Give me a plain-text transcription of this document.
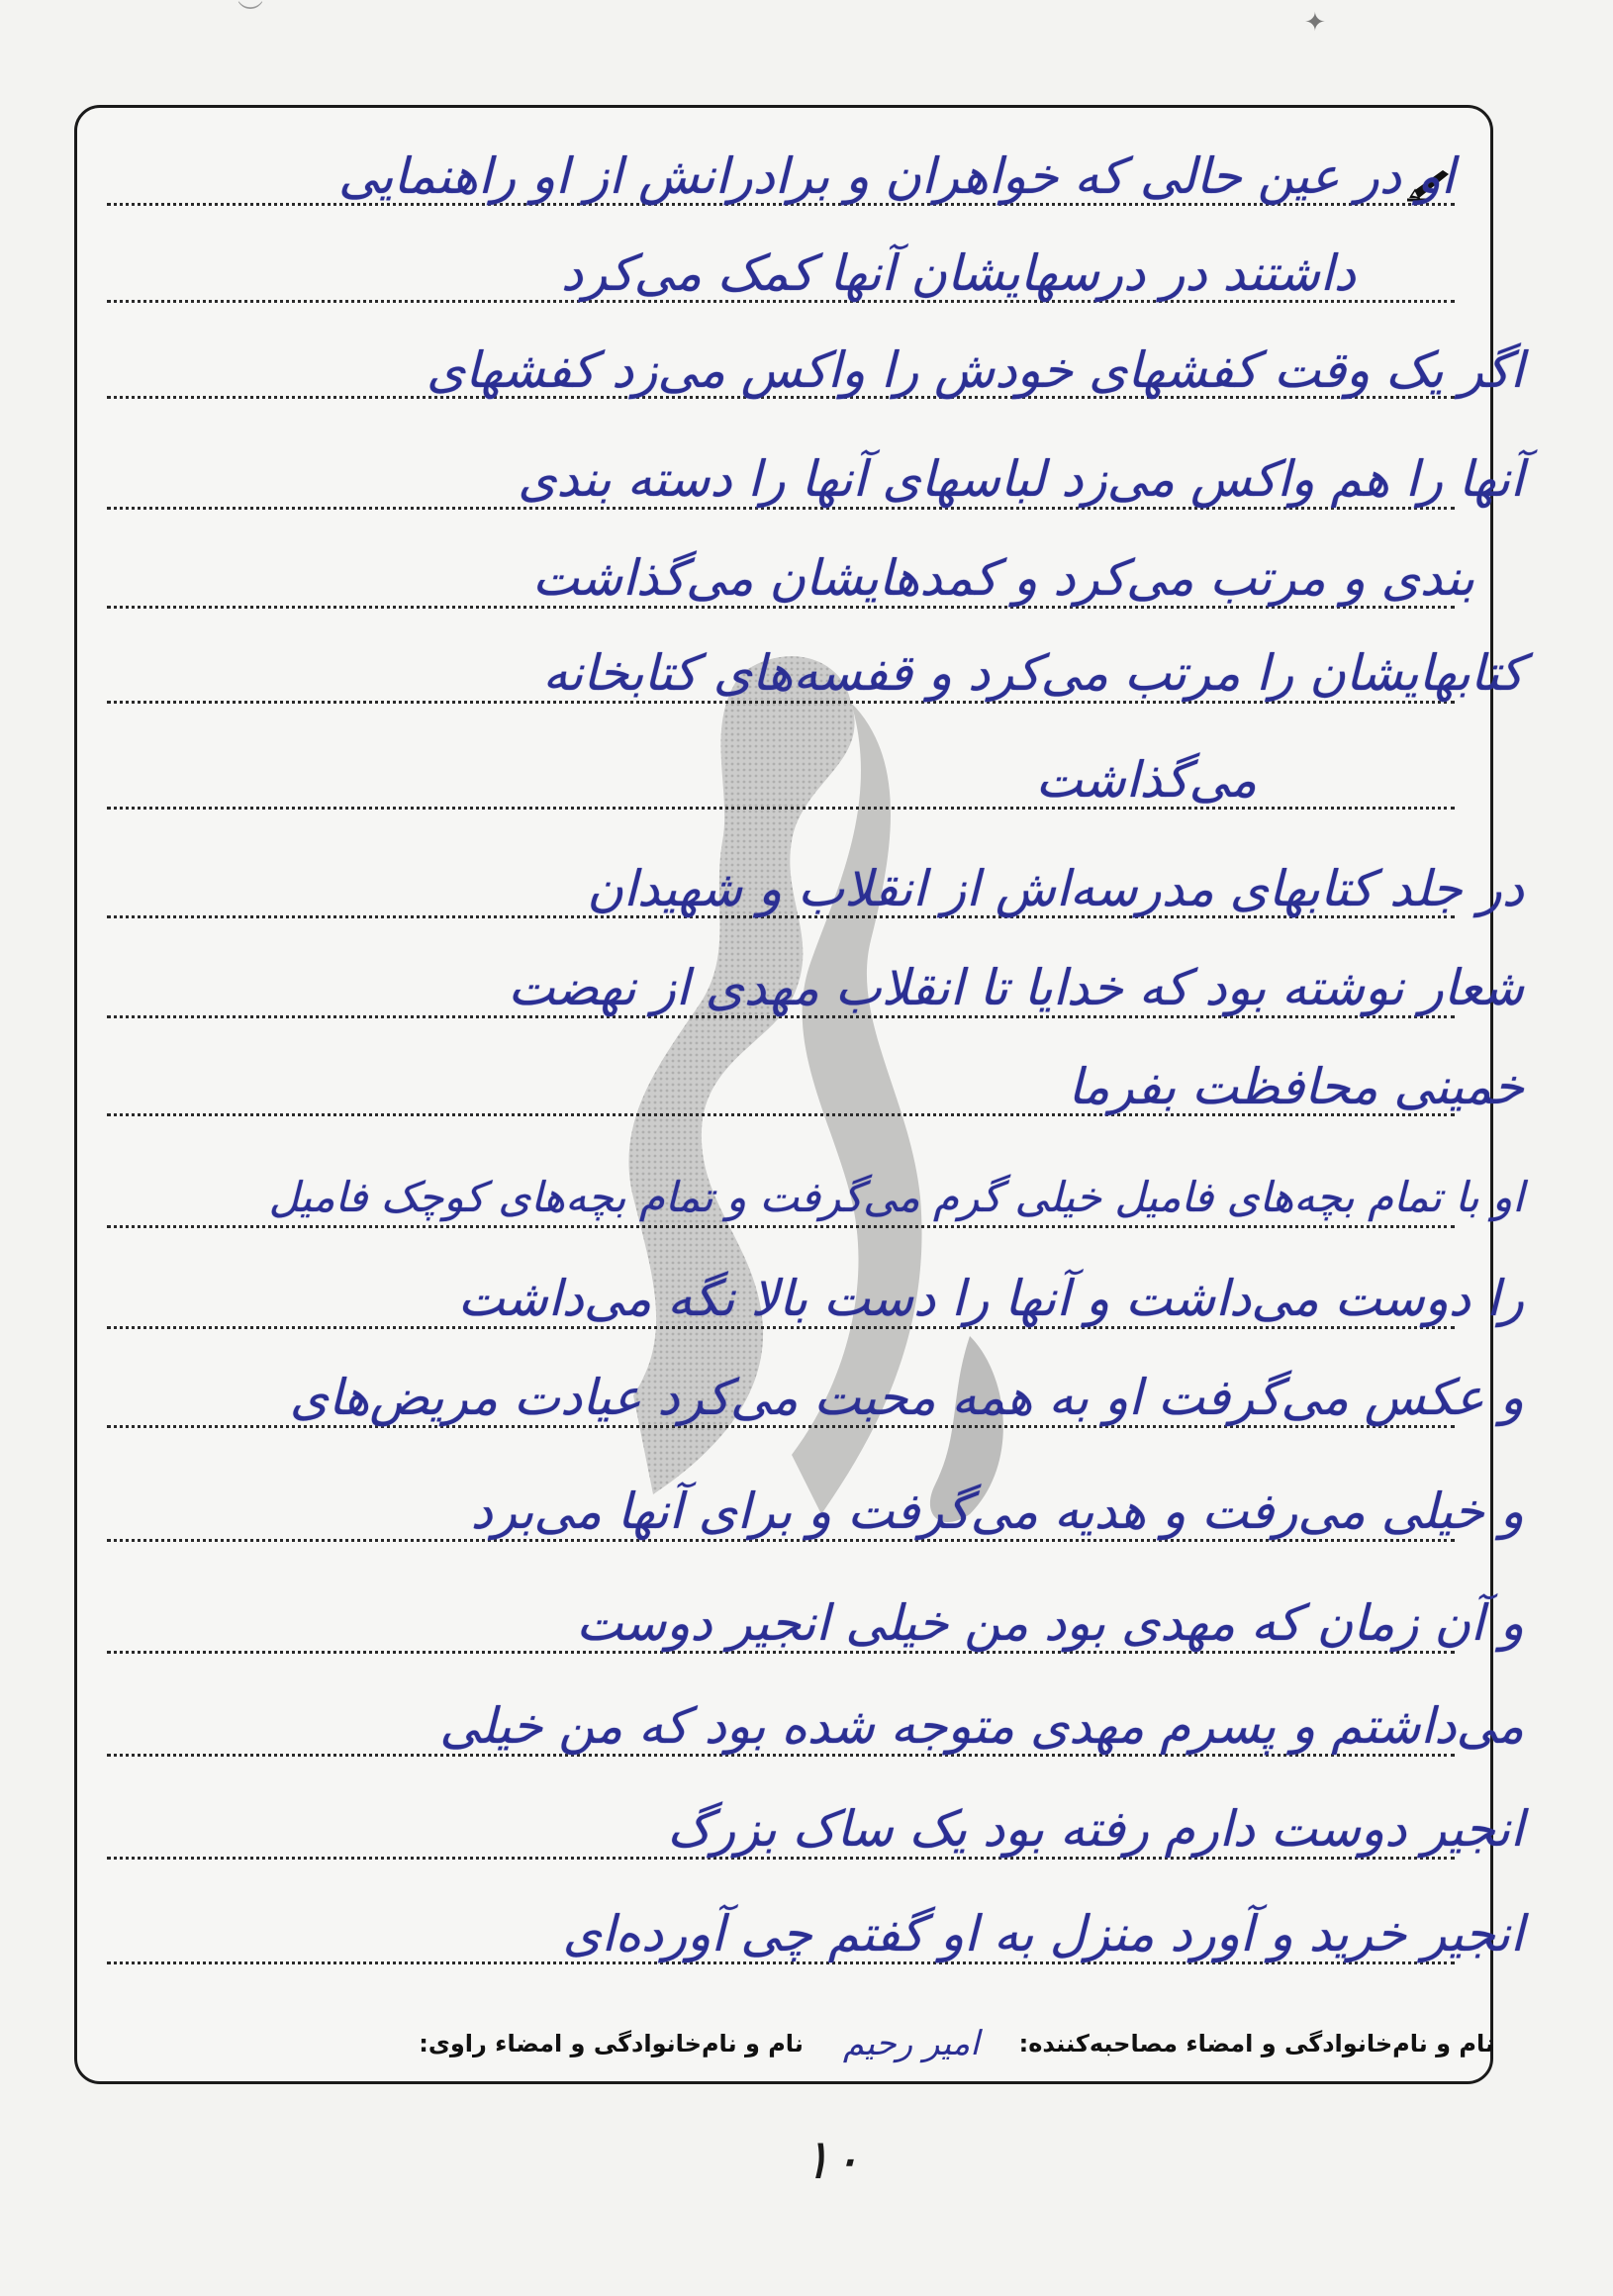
✦
︶
او در عین حالی که خواهران و برادرانش از او راهنمایی
داشتند در درسهایشان آنها کمک می‌کرد
اگر یک وقت کفشهای خودش را واکس می‌زد کفشهای
آنها را هم واکس می‌زد لباسهای آنها را دسته بندی
بندی و مرتب می‌کرد و کمدهایشان می‌گذاشت
کتابهایشان را مرتب می‌کرد و قفسه‌های کتابخانه
می‌گذاشت
در جلد کتابهای مدرسه‌اش از انقلاب و شهیدان
شعار نوشته بود که خدایا تا انقلاب مهدی از نهضت
خمینی محافظت بفرما
او با تمام بچه‌های فامیل خیلی گرم می‌گرفت و تمام بچه‌های کوچک فامیل
را دوست می‌داشت و آنها را دست بالا نگه می‌داشت
و عکس می‌گرفت او به همه محبت می‌کرد عیادت مریض‌های
و خیلی می‌رفت و هدیه می‌گرفت و برای آنها می‌برد
و آن زمان که مهدی بود من خیلی انجیر دوست
می‌داشتم و پسرم مهدی متوجه شده بود که من خیلی
انجیر دوست دارم رفته بود یک ساک بزرگ
انجیر خرید و آورد منزل به او گفتم چی آورده‌ای
نام و نام‌خانوادگی و امضاء مصاحبه‌کننده:
امیر رحیم
نام و نام‌خانوادگی و امضاء راوی:
۱۰
